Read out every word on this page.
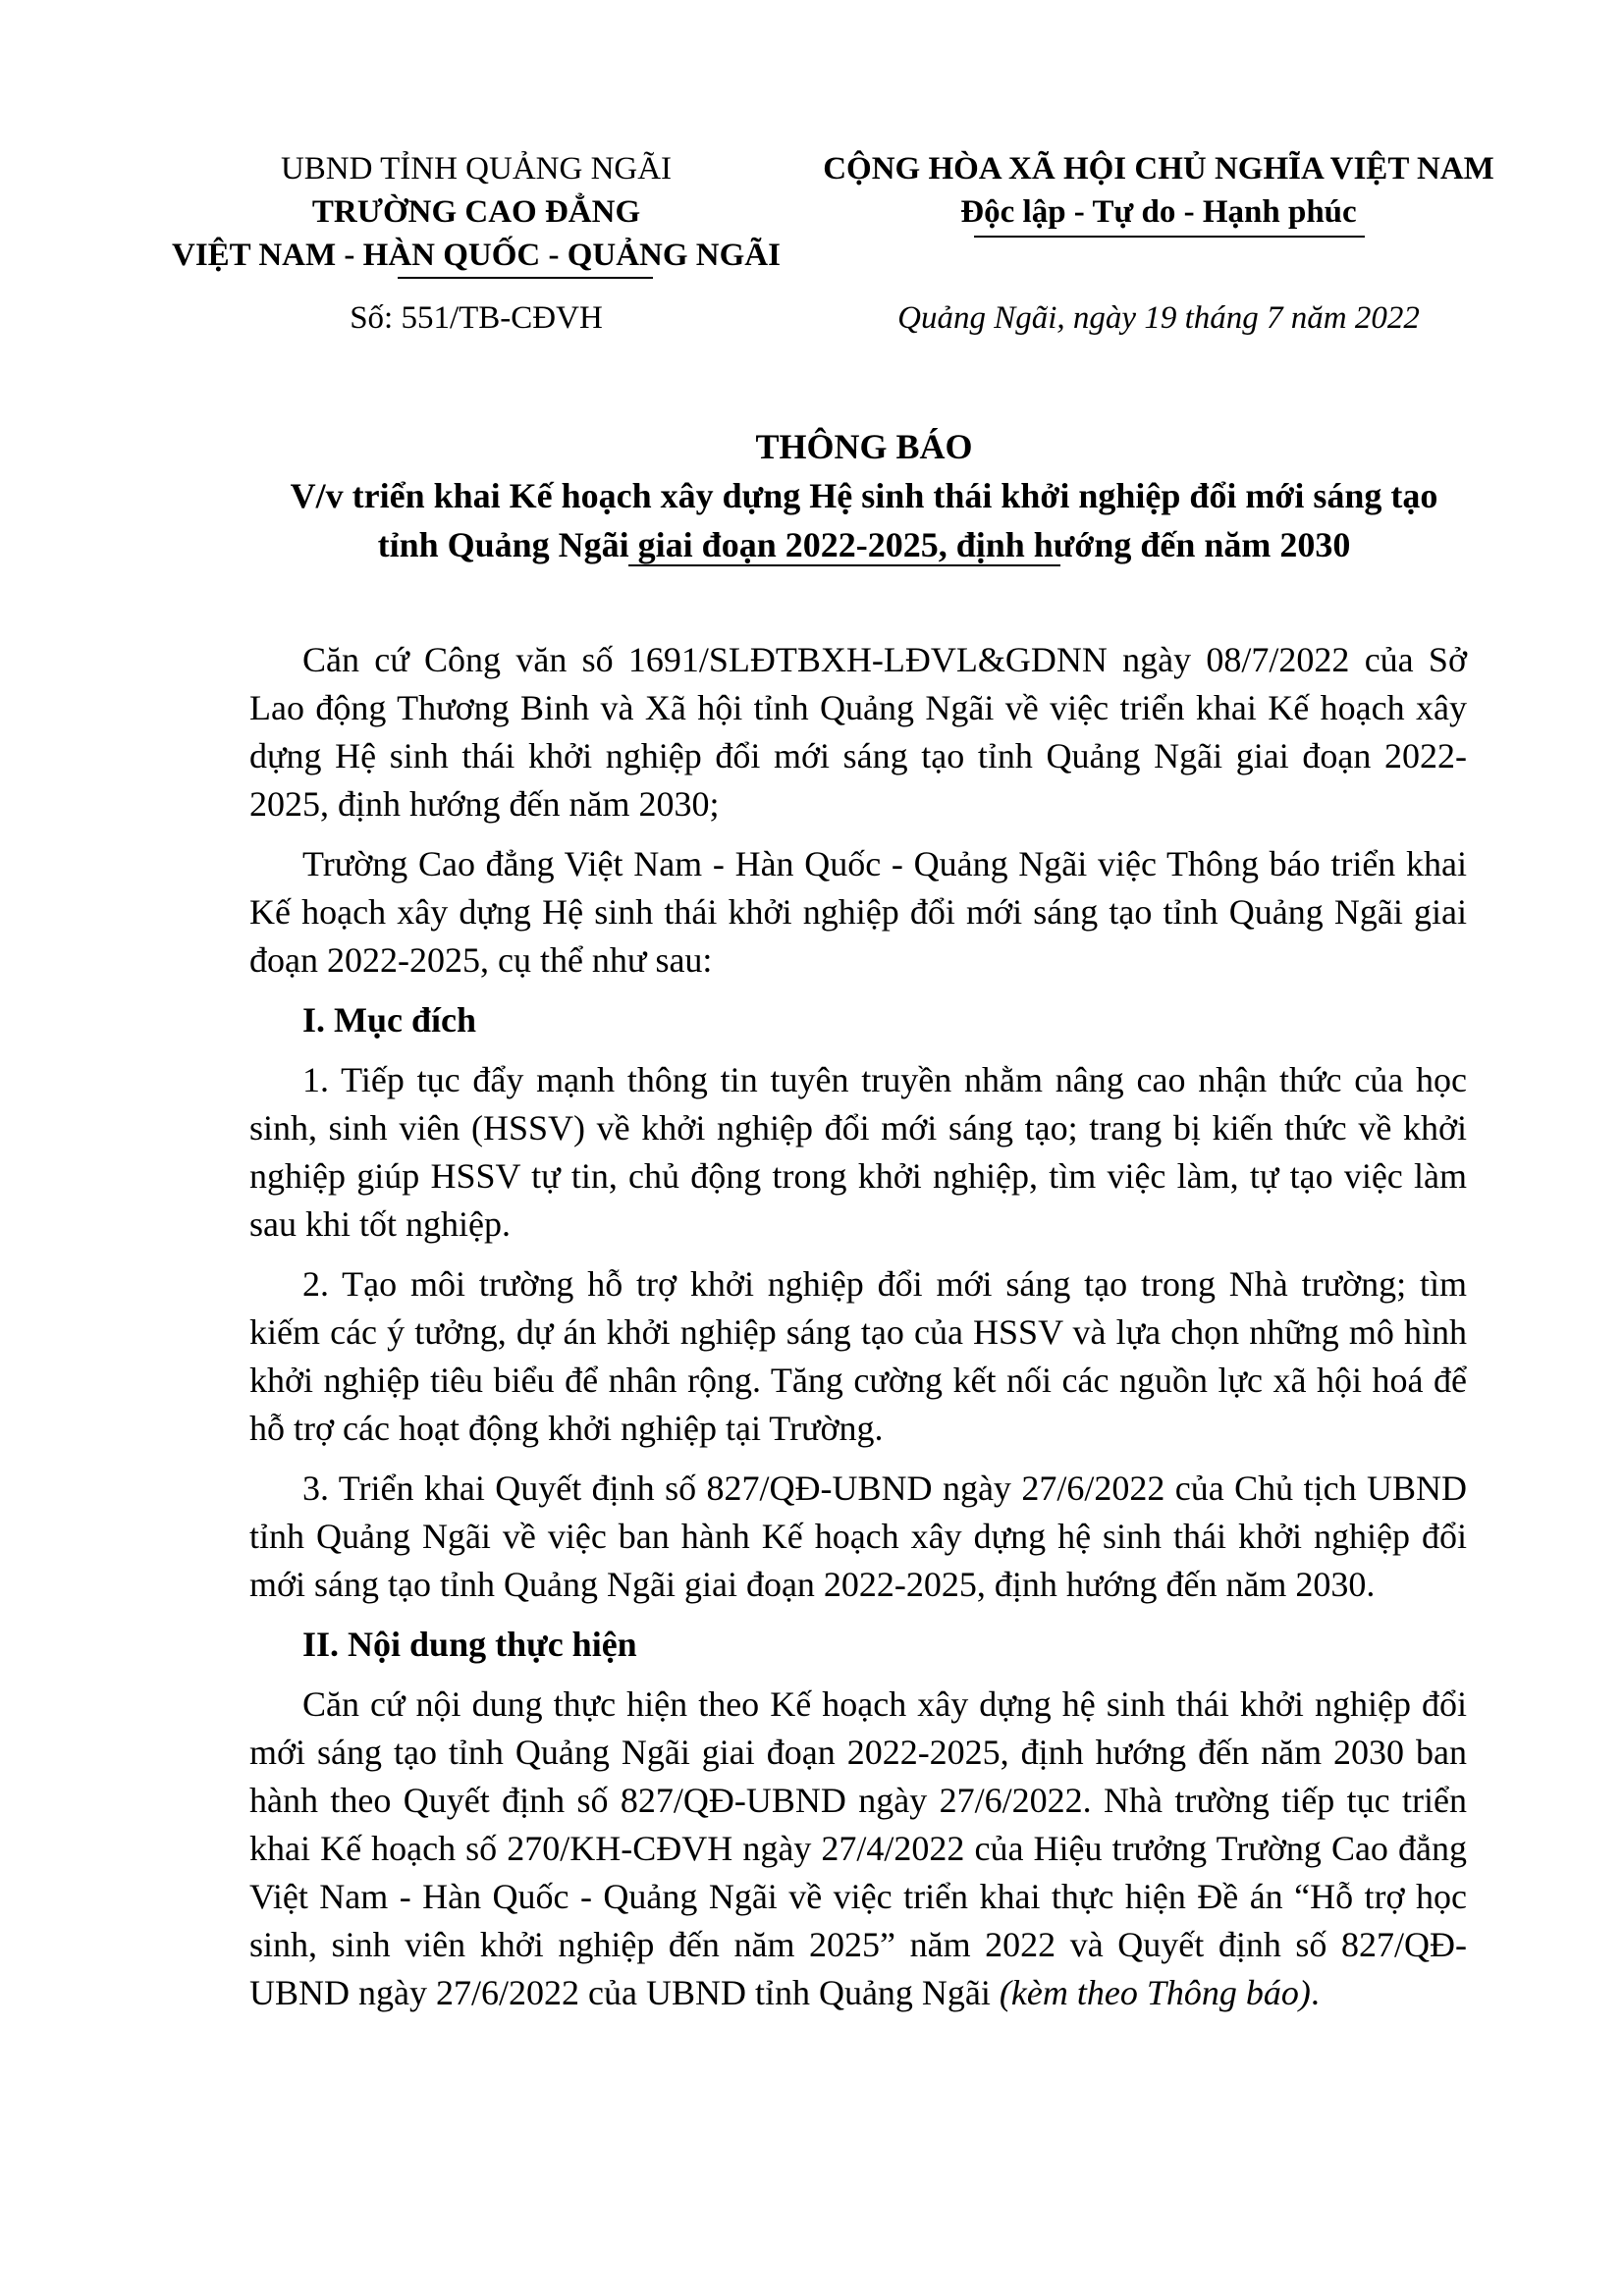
UBND TỈNH QUẢNG NGÃI
TRƯỜNG CAO ĐẲNG
VIỆT NAM - HÀN QUỐC - QUẢNG NGÃI
CỘNG HÒA XÃ HỘI CHỦ NGHĨA VIỆT NAM
Độc lập - Tự do - Hạnh phúc
Số: 551/TB-CĐVH	Quảng Ngãi, ngày 19 tháng 7 năm 2022
THÔNG BÁO
V/v triển khai Kế hoạch xây dựng Hệ sinh thái khởi nghiệp đổi mới sáng tạo
tỉnh Quảng Ngãi giai đoạn 2022-2025, định hướng đến năm 2030

Căn cứ Công văn số 1691/SLĐTBXH-LĐVL&GDNN ngày 08/7/2022 của Sở Lao động Thương Binh và Xã hội tỉnh Quảng Ngãi về việc triển khai Kế hoạch xây dựng Hệ sinh thái khởi nghiệp đổi mới sáng tạo tỉnh Quảng Ngãi giai đoạn 2022-2025, định hướng đến năm 2030;

Trường Cao đẳng Việt Nam - Hàn Quốc - Quảng Ngãi việc Thông báo triển khai Kế hoạch xây dựng Hệ sinh thái khởi nghiệp đổi mới sáng tạo tỉnh Quảng Ngãi giai đoạn 2022-2025, cụ thể như sau:

I. Mục đích

1. Tiếp tục đẩy mạnh thông tin tuyên truyền nhằm nâng cao nhận thức của học sinh, sinh viên (HSSV) về khởi nghiệp đổi mới sáng tạo; trang bị kiến thức về khởi nghiệp giúp HSSV tự tin, chủ động trong khởi nghiệp, tìm việc làm, tự tạo việc làm sau khi tốt nghiệp.

2. Tạo môi trường hỗ trợ khởi nghiệp đổi mới sáng tạo trong Nhà trường; tìm kiếm các ý tưởng, dự án khởi nghiệp sáng tạo của HSSV và lựa chọn những mô hình khởi nghiệp tiêu biểu để nhân rộng. Tăng cường kết nối các nguồn lực xã hội hoá để hỗ trợ các hoạt động khởi nghiệp tại Trường.

3. Triển khai Quyết định số 827/QĐ-UBND ngày 27/6/2022 của Chủ tịch UBND tỉnh Quảng Ngãi về việc ban hành Kế hoạch xây dựng hệ sinh thái khởi nghiệp đổi mới sáng tạo tỉnh Quảng Ngãi giai đoạn 2022-2025, định hướng đến năm 2030.

II. Nội dung thực hiện

Căn cứ nội dung thực hiện theo Kế hoạch xây dựng hệ sinh thái khởi nghiệp đổi mới sáng tạo tỉnh Quảng Ngãi giai đoạn 2022-2025, định hướng đến năm 2030 ban hành theo Quyết định số 827/QĐ-UBND ngày 27/6/2022. Nhà trường tiếp tục triển khai Kế hoạch số 270/KH-CĐVH ngày 27/4/2022 của Hiệu trưởng Trường Cao đẳng Việt Nam - Hàn Quốc - Quảng Ngãi về việc triển khai thực hiện Đề án “Hỗ trợ học sinh, sinh viên khởi nghiệp đến năm 2025” năm 2022 và Quyết định số 827/QĐ-UBND ngày 27/6/2022 của UBND tỉnh Quảng Ngãi (kèm theo Thông báo).
